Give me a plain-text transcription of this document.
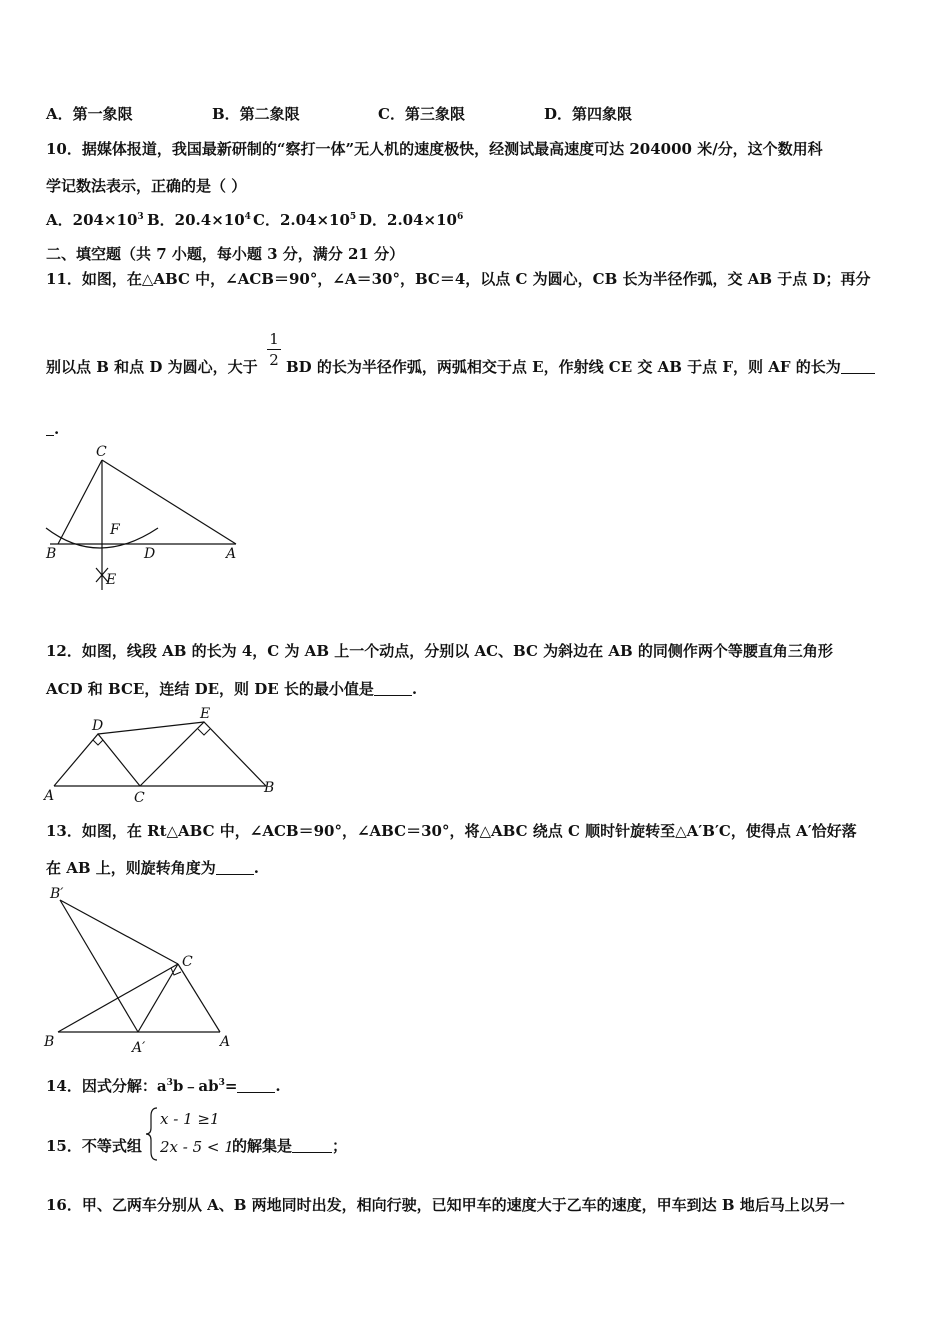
A．第一象限	B．第二象限	C．第三象限	D．第四象限
10．据媒体报道，我国最新研制的“察打一体”无人机的速度极快，经测试最高速度可达 204000 米/分，这个数用科
学记数法表示，正确的是（ ）
A．$204\times 10^3$ B．$20.4\times 10^4$ C．$2.04\times 10^5$ D．$2.04\times 10^6$
二、填空题（共 7 小题，每小题 3 分，满分 21 分）
11．如图，在△ABC 中，∠ACB＝90°，∠A＝30°，BC＝4，以点 C 为圆心，CB 长为半径作弧，交 AB 于点 D；再分
1
2
别以点 B 和点 D 为圆心，大于 BD 的长为半径作弧，两弧相交于点 E，作射线 CE 交 AB 于点 F，则 AF 的长为
.
C
F
B	D	A
E
12．如图，线段 AB 的长为 4，C 为 AB 上一个动点，分别以 AC、BC 为斜边在 AB 的同侧作两个等腰直角三角形
ACD 和 BCE，连结 DE，则 DE 长的最小值是	.
D
E
A	C
B
13．如图，在 Rt△ABC 中，∠ACB＝90°，∠ABC＝30°，将△ABC 绕点 C 顺时针旋转至△A′B′C，使得点 A′恰好落
在 AB 上，则旋转角度为	.
B′
C
B	A′	A
14．因式分解：$a^3b﹣ab^3=$	.
15．不等式组
x - 1 ≥1
2x - 5 < 1
的解集是	；
16．甲、乙两车分别从 A、B 两地同时出发，相向行驶，已知甲车的速度大于乙车的速度，甲车到达 B 地后马上以另一
